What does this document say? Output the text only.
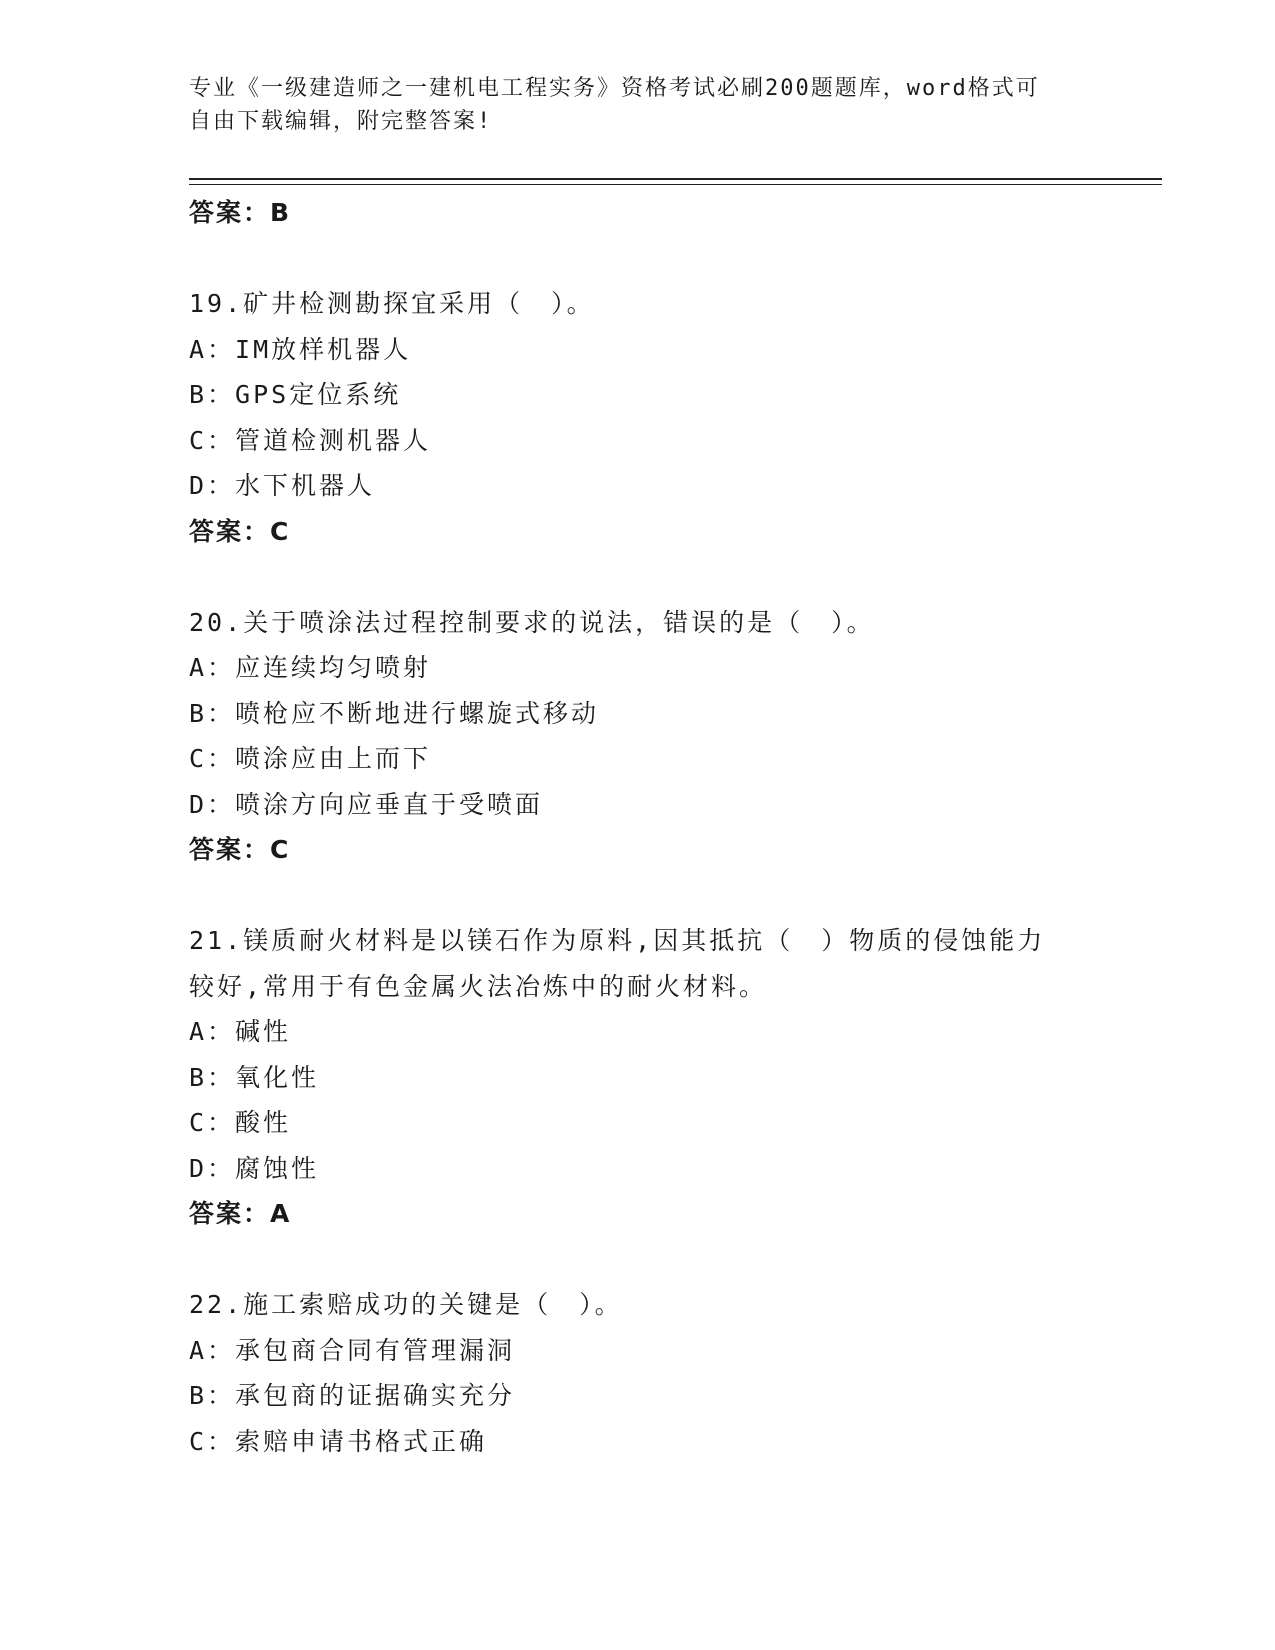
专业《一级建造师之一建机电工程实务》资格考试必刷200题题库，word格式可
自由下载编辑，附完整答案!
答案：B
19.矿井检测勘探宜采用（　）。
A：IM放样机器人
B：GPS定位系统
C：管道检测机器人
D：水下机器人
答案：C
20.关于喷涂法过程控制要求的说法，错误的是（　）。
A：应连续均匀喷射
B：喷枪应不断地进行螺旋式移动
C：喷涂应由上而下
D：喷涂方向应垂直于受喷面
答案：C
21.镁质耐火材料是以镁石作为原料,因其抵抗（　）物质的侵蚀能力
较好,常用于有色金属火法冶炼中的耐火材料。
A：碱性
B：氧化性
C：酸性
D：腐蚀性
答案：A
22.施工索赔成功的关键是（　）。
A：承包商合同有管理漏洞
B：承包商的证据确实充分
C：索赔申请书格式正确
